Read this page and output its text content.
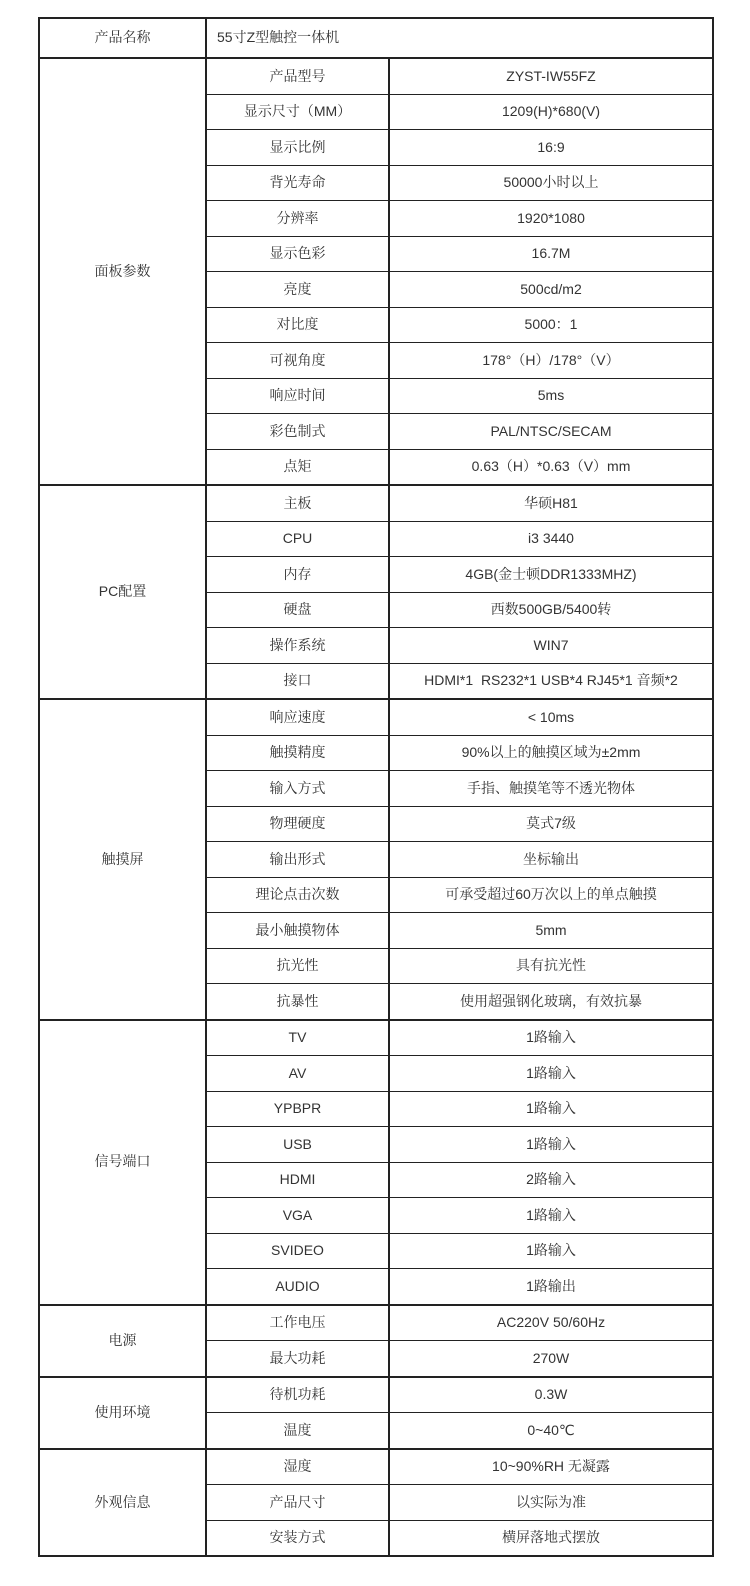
产品名称	55寸Z型触控一体机	
面板参数	产品型号	ZYST-IW55FZ
	显示尺寸（MM）	1209(H)*680(V)
	显示比例	16:9
	背光寿命	50000小时以上
	分辨率	1920*1080
	显示色彩	16.7M
	亮度	500cd/m2
	对比度	5000：1
	可视角度	178°（H）/178°（V）
	响应时间	5ms
	彩色制式	PAL/NTSC/SECAM
	点矩	0.63（H）*0.63（V）mm
PC配置	主板	华硕H81
	CPU	i3 3440
	内存	4GB(金士顿DDR1333MHZ)
	硬盘	西数500GB/5400转
	操作系统	WIN7
	接口	HDMI*1  RS232*1 USB*4 RJ45*1 音频*2
触摸屏	响应速度	< 10ms
	触摸精度	90%以上的触摸区域为±2mm
	输入方式	手指、触摸笔等不透光物体
	物理硬度	莫式7级
	输出形式	坐标输出
	理论点击次数	可承受超过60万次以上的单点触摸
	最小触摸物体	5mm
	抗光性	具有抗光性
	抗暴性	使用超强钢化玻璃，有效抗暴
信号端口	TV	1路输入
	AV	1路输入
	YPBPR	1路输入
	USB	1路输入
	HDMI	2路输入
	VGA	1路输入
	SVIDEO	1路输入
	AUDIO	1路输出
电源	工作电压	AC220V 50/60Hz
	最大功耗	270W
使用环境	待机功耗	0.3W
	温度	0~40℃
外观信息	湿度	10~90%RH 无凝露
	产品尺寸	以实际为准
	安装方式	横屏落地式摆放
